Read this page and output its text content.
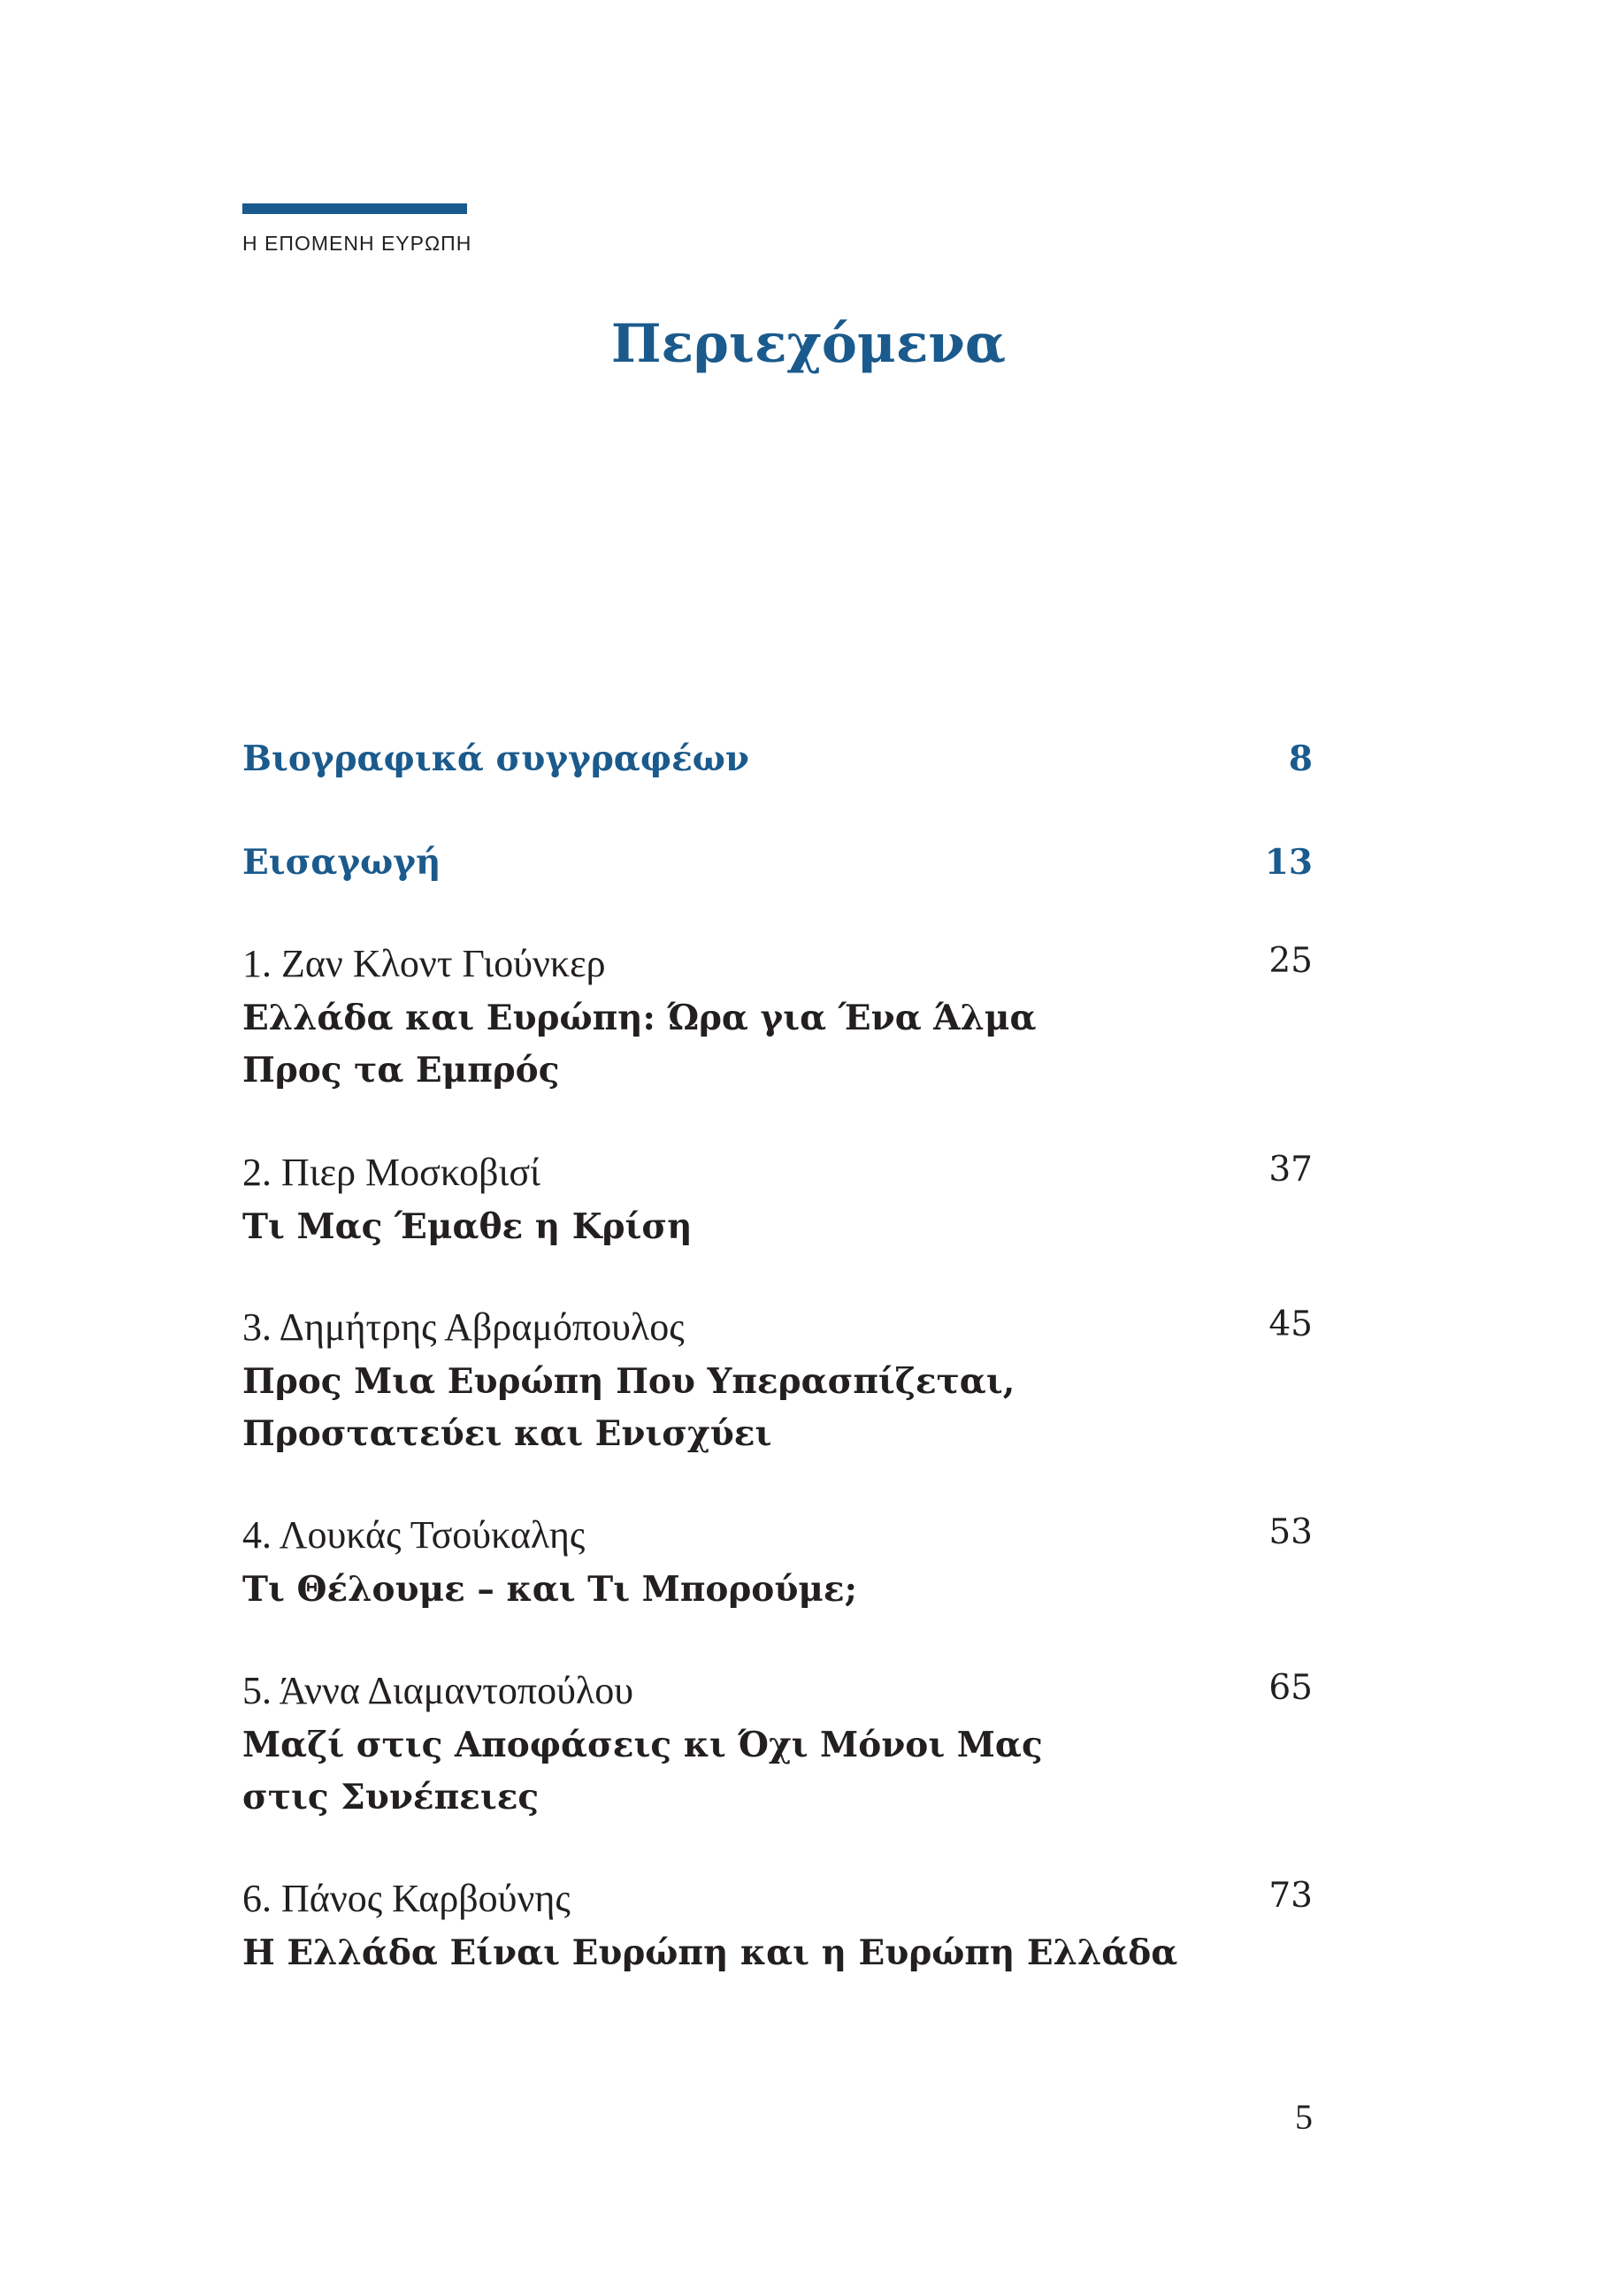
Η ΕΠΟΜΕΝΗ ΕΥΡΩΠΗ
Περιεχόμενα
Βιογραφικά συγγραφέων	8
Εισαγωγή	13
1. Ζαν Κλοντ Γιούνκερ	25
Ελλάδα και Ευρώπη: Ώρα για Ένα Άλμα
Προς τα Εμπρός
2. Πιερ Μοσκοβισί	37
Τι Μας Έμαθε η Κρίση
3. Δημήτρης Αβραμόπουλος	45
Προς Μια Ευρώπη Που Υπερασπίζεται,
Προστατεύει και Ενισχύει
4. Λουκάς Τσούκαλης	53
Τι Θέλουμε – και Τι Μπορούμε;
5. Άννα Διαμαντοπούλου	65
Μαζί στις Αποφάσεις κι Όχι Μόνοι Μας
στις Συνέπειες
6. Πάνος Καρβούνης	73
Η Ελλάδα Είναι Ευρώπη και η Ευρώπη Ελλάδα
5
